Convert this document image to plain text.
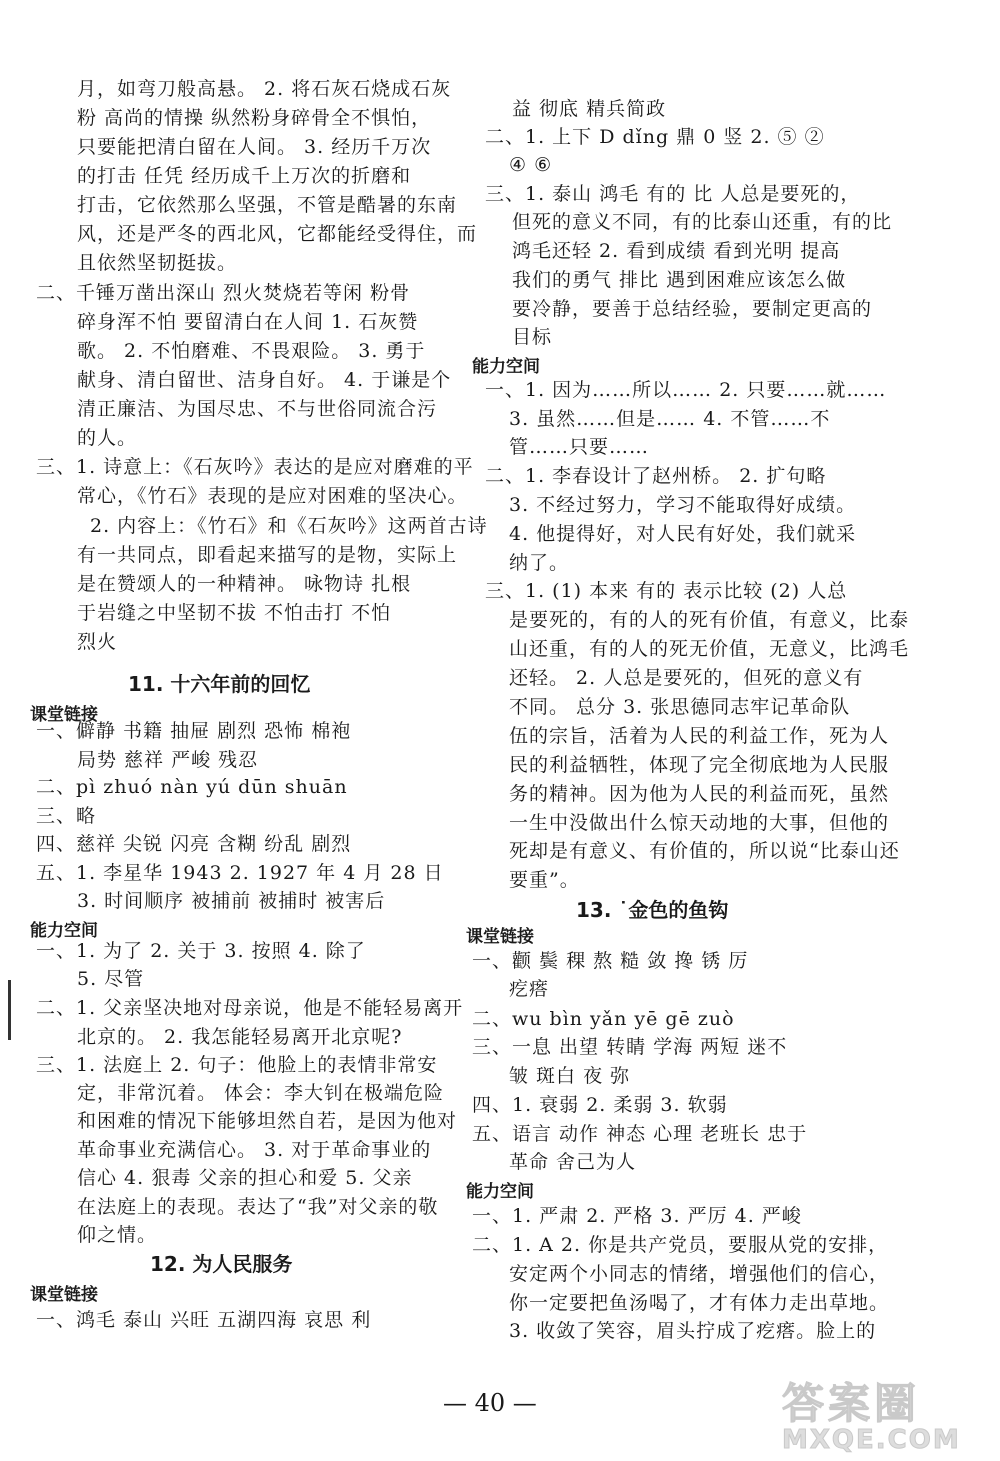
— 40 —	答案圈
MXQE.COM
月，如弯刀般高悬。 2. 将石灰石烧成石灰
粉 高尚的情操 纵然粉身碎骨全不惧怕，
只要能把清白留在人间。 3. 经历千万次
的打击 任凭 经历成千上万次的折磨和
打击，它依然那么坚强，不管是酷暑的东南
风，还是严冬的西北风，它都能经受得住，而
且依然坚韧挺拔。
二、千锤万凿出深山 烈火焚烧若等闲 粉骨
碎身浑不怕 要留清白在人间 1. 石灰赞
歌。 2. 不怕磨难、不畏艰险。 3. 勇于
献身、清白留世、洁身自好。 4. 于谦是个
清正廉洁、为国尽忠、不与世俗同流合污
的人。
三、1. 诗意上：《石灰吟》表达的是应对磨难的平
常心，《竹石》表现的是应对困难的坚决心。
2. 内容上：《竹石》和《石灰吟》这两首古诗
有一共同点，即看起来描写的是物，实际上
是在赞颂人的一种精神。 咏物诗 扎根
于岩缝之中坚韧不拔 不怕击打 不怕
烈火
11. 十六年前的回忆
课堂链接
一、僻静 书籍 抽屉 剧烈 恐怖 棉袍
局势 慈祥 严峻 残忍
二、pì zhuó nàn yú dūn shuān
三、略
四、慈祥 尖锐 闪亮 含糊 纷乱 剧烈
五、1. 李星华 1943 2. 1927 年 4 月 28 日
3. 时间顺序 被捕前 被捕时 被害后
能力空间
一、1. 为了 2. 关于 3. 按照 4. 除了
5. 尽管
二、1. 父亲坚决地对母亲说，他是不能轻易离开
北京的。 2. 我怎能轻易离开北京呢?
三、1. 法庭上 2. 句子：他脸上的表情非常安
定，非常沉着。 体会：李大钊在极端危险
和困难的情况下能够坦然自若，是因为他对
革命事业充满信心。 3. 对于革命事业的
信心 4. 狠毒 父亲的担心和爱 5. 父亲
在法庭上的表现。表达了“我”对父亲的敬
仰之情。
12. 为人民服务
课堂链接
一、鸿毛 泰山 兴旺 五湖四海 哀思 利
益 彻底 精兵简政
二、1. 上下 D dǐng 鼎 0 竖 2. ⑤ ②
④ ⑥
三、1. 泰山 鸿毛 有的 比 人总是要死的，
但死的意义不同，有的比泰山还重，有的比
鸿毛还轻 2. 看到成绩 看到光明 提高
我们的勇气 排比 遇到困难应该怎么做
要冷静，要善于总结经验，要制定更高的
目标
能力空间
一、1. 因为……所以…… 2. 只要……就……
3. 虽然……但是…… 4. 不管……不
管……只要……
二、1. 李春设计了赵州桥。 2. 扩句略
3. 不经过努力，学习不能取得好成绩。
4. 他提得好，对人民有好处，我们就采
纳了。
三、1. (1) 本来 有的 表示比较 (2) 人总
是要死的，有的人的死有价值，有意义，比泰
山还重，有的人的死无价值，无意义，比鸿毛
还轻。 2. 人总是要死的，但死的意义有
不同。 总分 3. 张思德同志牢记革命队
伍的宗旨，活着为人民的利益工作，死为人
民的利益牺牲，体现了完全彻底地为人民服
务的精神。因为他为人民的利益而死，虽然
一生中没做出什么惊天动地的大事，但他的
死却是有意义、有价值的，所以说“比泰山还
要重”。
13. ˙金色的鱼钩
课堂链接
一、颧 鬓 稞 熬 糙 敛 搀 锈 厉
疙瘩
二、wu bìn yǎn yē gē zuò
三、一息 出望 转睛 学海 两短 迷不
皱 斑白 夜 弥
四、1. 衰弱 2. 柔弱 3. 软弱
五、语言 动作 神态 心理 老班长 忠于
革命 舍己为人
能力空间
一、1. 严肃 2. 严格 3. 严厉 4. 严峻
二、1. A 2. 你是共产党员，要服从党的安排，
安定两个小同志的情绪，增强他们的信心，
你一定要把鱼汤喝了，才有体力走出草地。
3. 收敛了笑容，眉头拧成了疙瘩。脸上的
